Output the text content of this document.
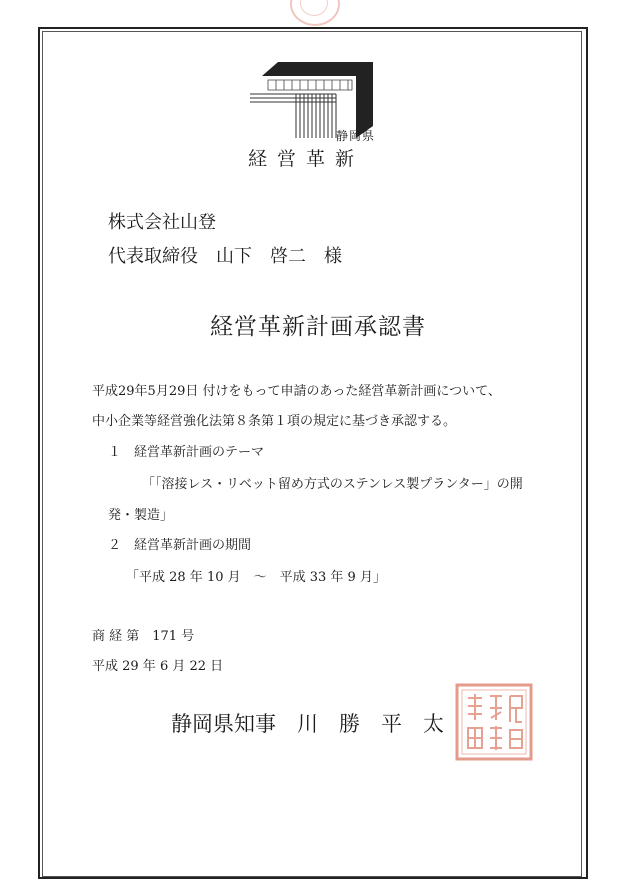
静岡県
経営革新
株式会社山登
代表取締役　山下　啓二　様
経営革新計画承認書
平成29年5月29日 付けをもって申請のあった経営革新計画について、
中小企業等経営強化法第８条第１項の規定に基づき承認する。
１　経営革新計画のテーマ
「「溶接レス・リベット留め方式のステンレス製プランター」の開
発・製造」
２　経営革新計画の期間
「平成 28 年 10 月　～　平成 33 年 9 月」
商 経 第　171 号
平成 29 年 6 月 22 日
静岡県知事　川　勝　平　太
